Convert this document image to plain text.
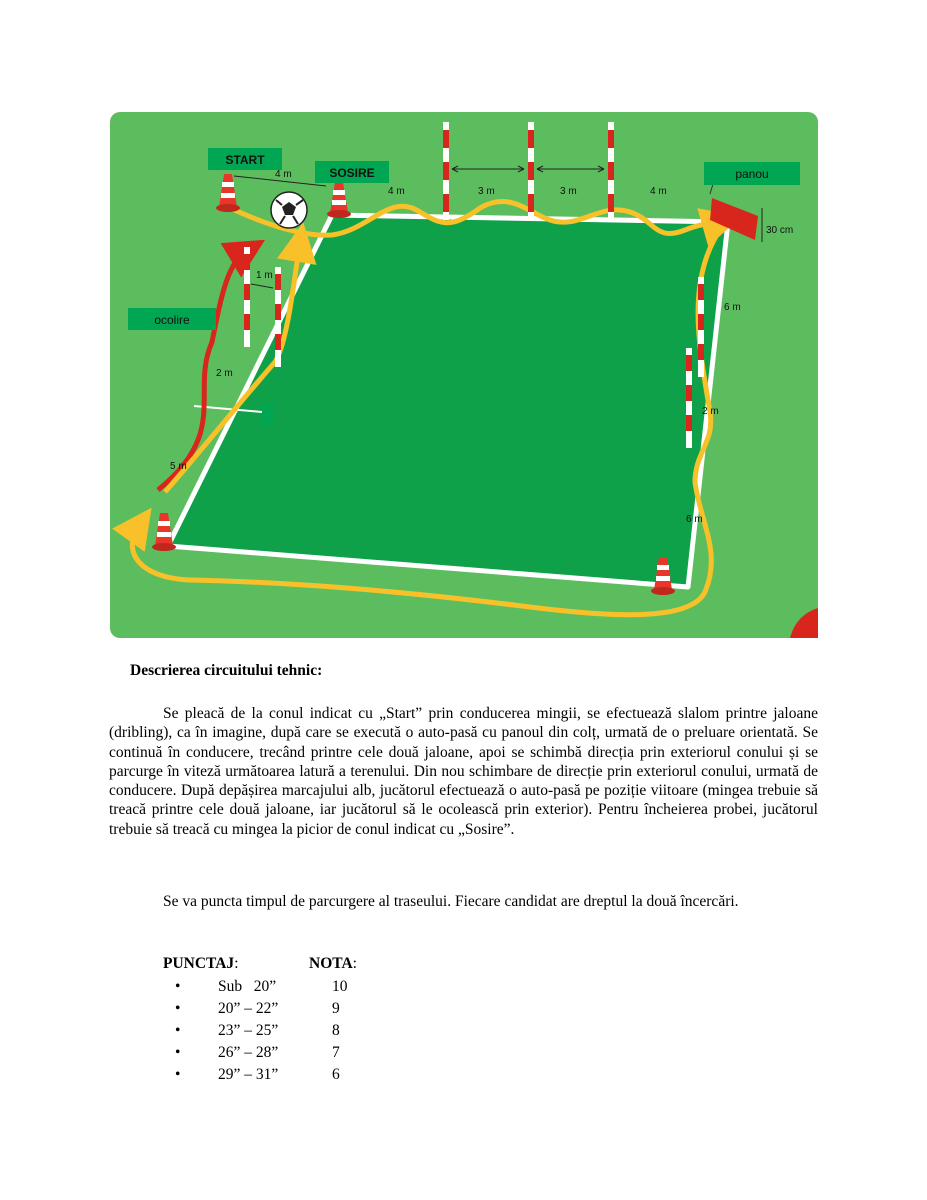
START
SOSIRE	panou
ocolire
4 m
4 m	3 m	3 m	4 m
30 cm
1 m
2 m
5 m
6 m
2 m
6 m
Descrierea circuitului tehnic:

Se pleacă de la conul indicat cu „Start” prin conducerea mingii, se efectuează slalom printre jaloane (dribling), ca în imagine, după care se execută o auto-pasă cu panoul din colț, urmată de o preluare orientată. Se continuă în conducere, trecând printre cele două jaloane, apoi se schimbă direcția prin exteriorul conului și se parcurge în viteză următoarea latură a terenului. Din nou schimbare de direcție prin exteriorul conului, urmată de conducere. După depășirea marcajului alb, jucătorul efectuează o auto-pasă pe poziție viitoare (mingea trebuie să treacă printre cele două jaloane, iar jucătorul să le ocolească prin exterior). Pentru încheierea probei, jucătorul trebuie să treacă cu mingea la picior de conul indicat cu „Sosire”.

Se va puncta timpul de parcurgere al traseului. Fiecare candidat are dreptul la două încercări.

PUNCTAJ:	NOTA:
• Sub   20”	10
• 20” – 22”	9
• 23” – 25”	8
• 26” – 28”	7
• 29” – 31”	6
